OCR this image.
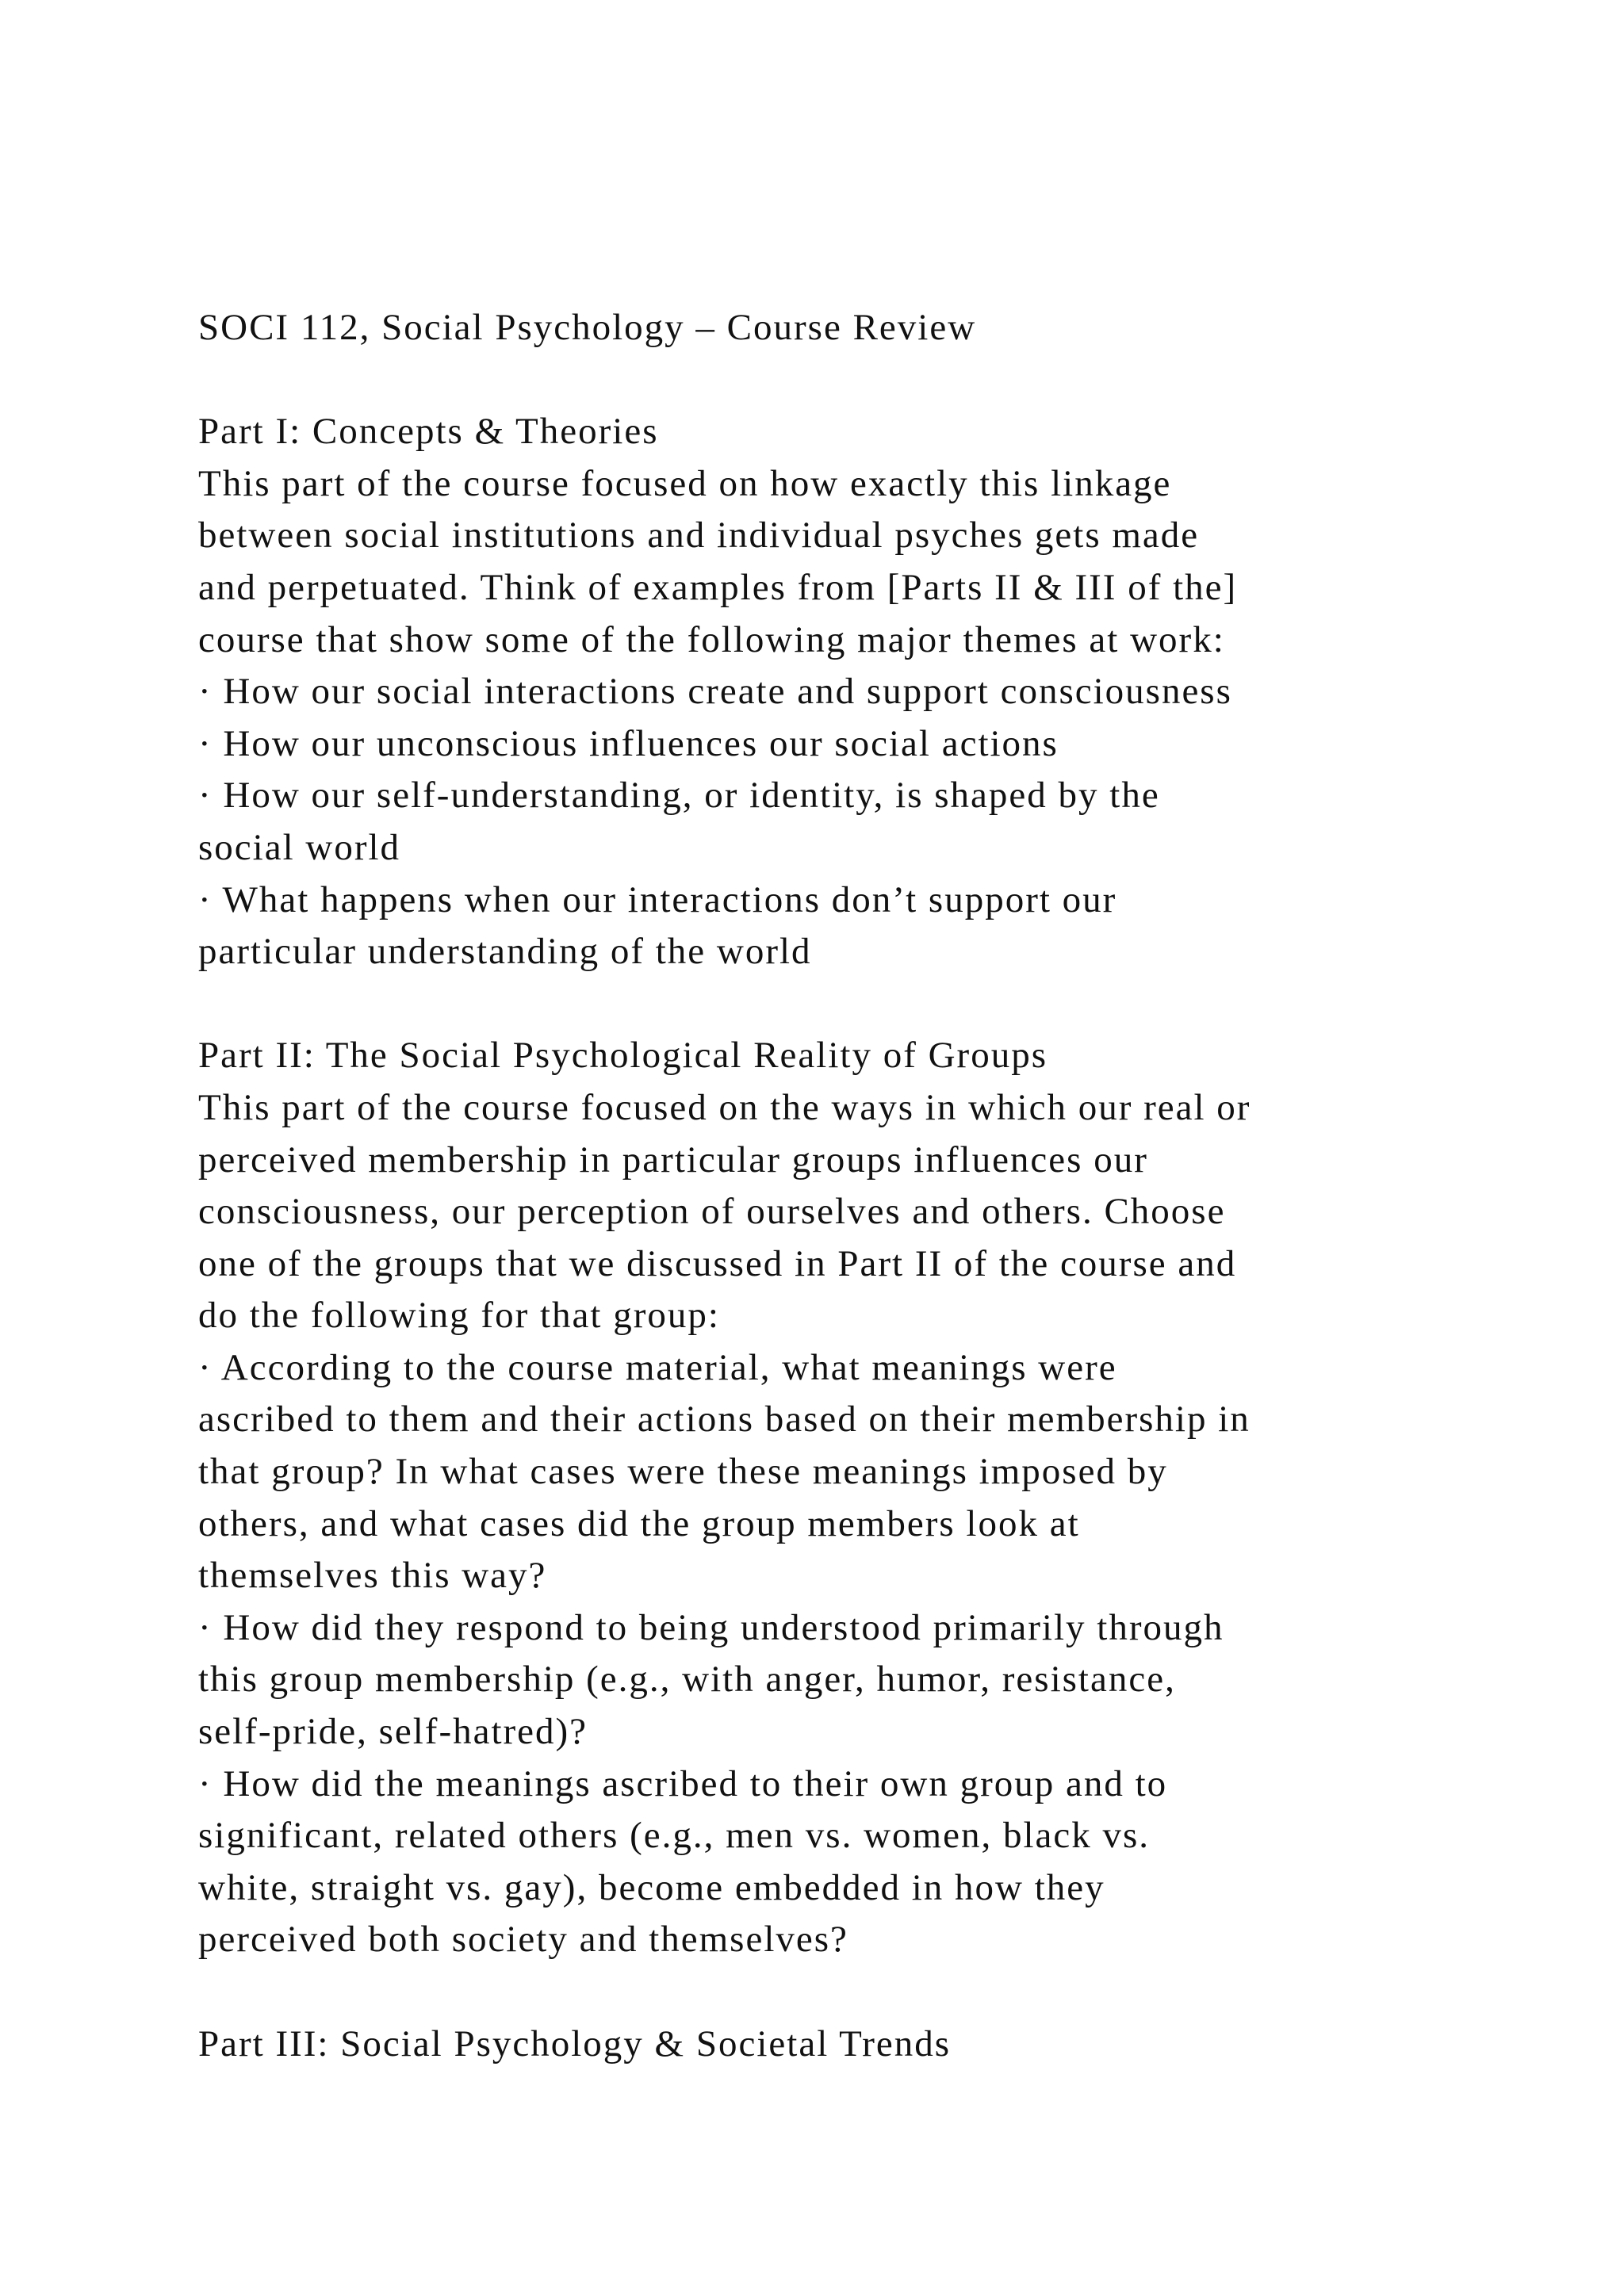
SOCI 112, Social Psychology – Course Review
Part I: Concepts & Theories
This part of the course focused on how exactly this linkage
between social institutions and individual psyches gets made
and perpetuated. Think of examples from [Parts II & III of the]
course that show some of the following major themes at work:
· How our social interactions create and support consciousness
· How our unconscious influences our social actions
· How our self-understanding, or identity, is shaped by the
social world
· What happens when our interactions don’t support our
particular understanding of the world
Part II: The Social Psychological Reality of Groups
This part of the course focused on the ways in which our real or
perceived membership in particular groups influences our
consciousness, our perception of ourselves and others. Choose
one of the groups that we discussed in Part II of the course and
do the following for that group:
· According to the course material, what meanings were
ascribed to them and their actions based on their membership in
that group? In what cases were these meanings imposed by
others, and what cases did the group members look at
themselves this way?
· How did they respond to being understood primarily through
this group membership (e.g., with anger, humor, resistance,
self-pride, self-hatred)?
· How did the meanings ascribed to their own group and to
significant, related others (e.g., men vs. women, black vs.
white, straight vs. gay), become embedded in how they
perceived both society and themselves?
Part III: Social Psychology & Societal Trends
